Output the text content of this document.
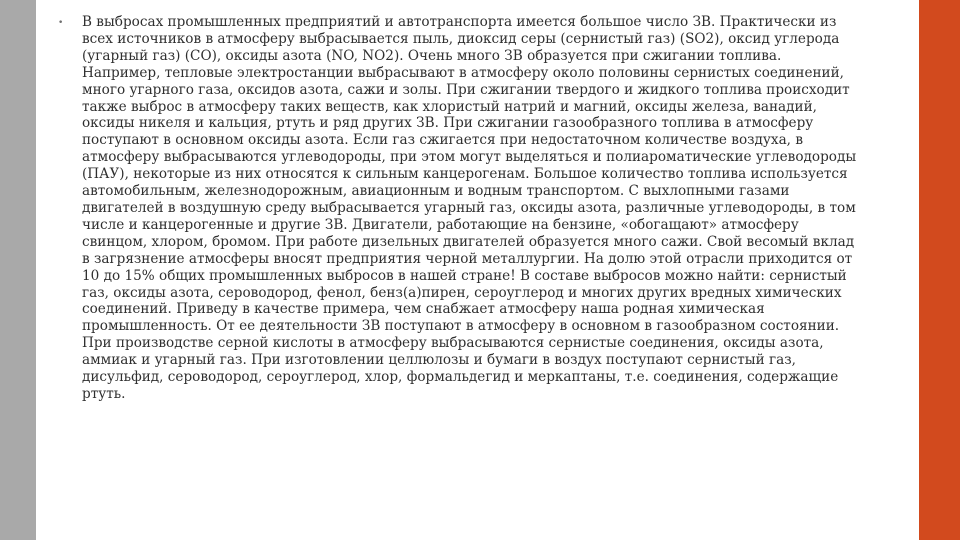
• В выбросах промышленных предприятий и автотранспорта имеется большое число ЗВ. Практически из всех источников в атмосферу выбрасывается пыль, диоксид серы (сернистый газ) (SO2), оксид углерода (угарный газ) (CO), оксиды азота (NO, NO2). Очень много ЗВ образуется при сжигании топлива. Например, тепловые электростанции выбрасывают в атмосферу около половины сернистых соединений, много угарного газа, оксидов азота, сажи и золы. При сжигании твердого и жидкого топлива происходит также выброс в атмосферу таких веществ, как хлористый натрий и магний, оксиды железа, ванадий, оксиды никеля и кальция, ртуть и ряд других ЗВ. При сжигании газообразного топлива в атмосферу поступают в основном оксиды азота. Если газ сжигается при недостаточном количестве воздуха, в атмосферу выбрасываются углеводороды, при этом могут выделяться и полиароматические углеводороды (ПАУ), некоторые из них относятся к сильным канцерогенам. Большое количество топлива используется автомобильным, железнодорожным, авиационным и водным транспортом. С выхлопными газами двигателей в воздушную среду выбрасывается угарный газ, оксиды азота, различные углеводороды, в том числе и канцерогенные и другие ЗВ. Двигатели, работающие на бензине, «обогащают» атмосферу свинцом, хлором, бромом. При работе дизельных двигателей образуется много сажи. Свой весомый вклад в загрязнение атмосферы вносят предприятия черной металлургии. На долю этой отрасли приходится от 10 до 15% общих промышленных выбросов в нашей стране! В составе выбросов можно найти: сернистый газ, оксиды азота, сероводород, фенол, бенз(а)пирен, сероуглерод и многих других вредных химических соединений. Приведу в качестве примера, чем снабжает атмосферу наша родная химическая промышленность. От ее деятельности ЗВ поступают в атмосферу в основном в газообразном состоянии. При производстве серной кислоты в атмосферу выбрасываются сернистые соединения, оксиды азота, аммиак и угарный газ. При изготовлении целлюлозы и бумаги в воздух поступают сернистый газ, дисульфид, сероводород, сероуглерод, хлор, формальдегид и меркаптаны, т.е. соединения, содержащие ртуть.
